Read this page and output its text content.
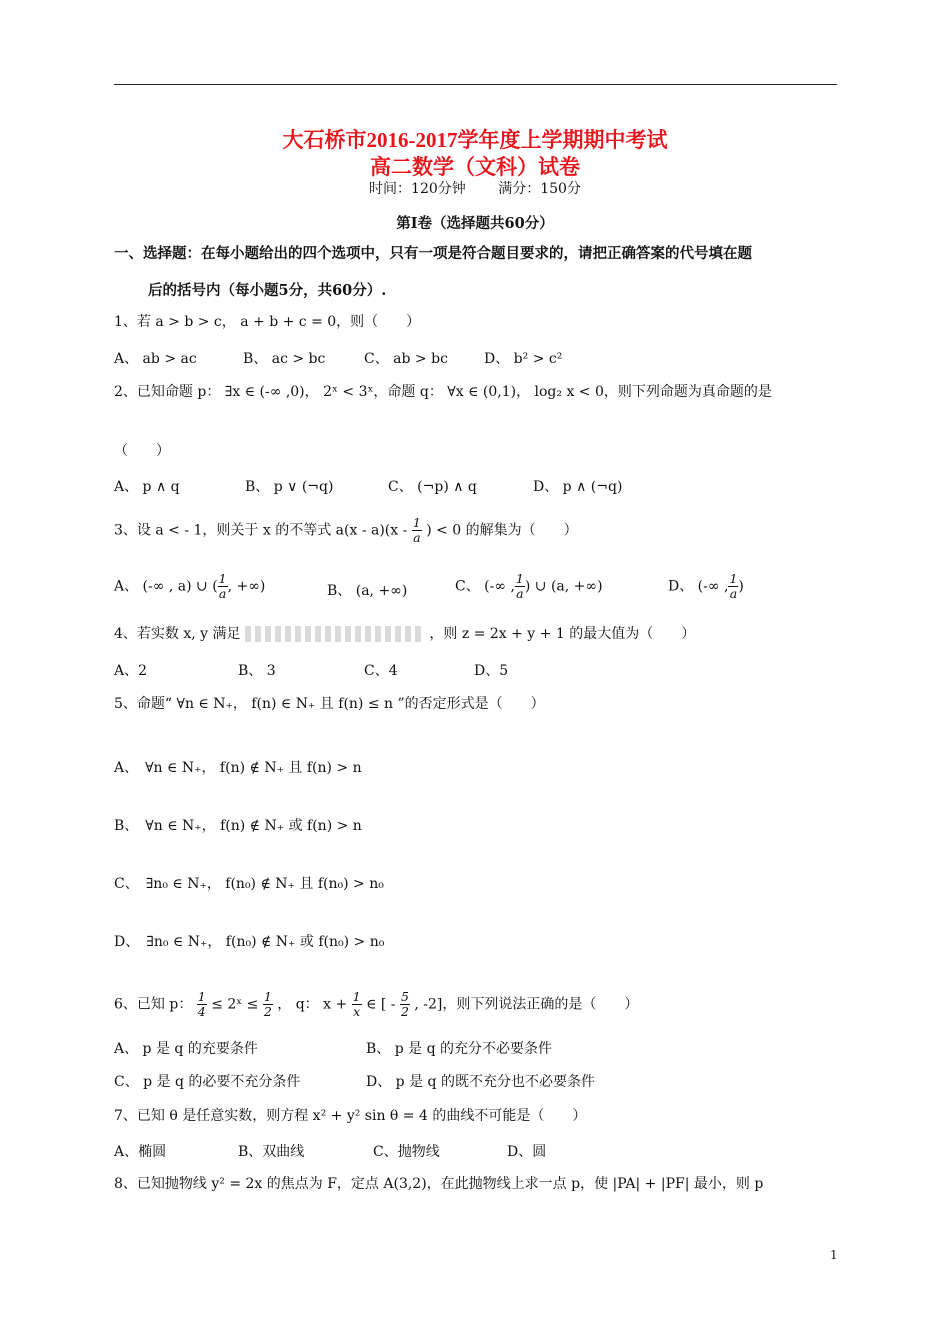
大石桥市2016-2017学年度上学期期中考试
高二数学（文科）试卷
时间：120分钟 满分：150分
第Ⅰ卷（选择题共60分）
一、选择题：在每小题给出的四个选项中，只有一项是符合题目要求的，请把正确答案的代号填在题
后的括号内（每小题5分，共60分）.
1、若 a > b > c， a + b + c = 0，则（　　）
A、 ab > ac	B、 ac > bc	C、 ab > bc	D、 b² > c²
2、已知命题 p： ∃x ∈ (-∞ ,0)， 2ˣ < 3ˣ，命题 q： ∀x ∈ (0,1)， log₂ x < 0，则下列命题为真命题的是
（　　）
A、 p ∧ q	B、 p ∨ (¬q)	C、 (¬p) ∧ q	D、 p ∧ (¬q)
3、设 a < - 1，则关于 x 的不等式 $a(x - a)(x - \frac{1}{a}$ ) < 0 的解集为（　　）
A、 (-∞ , a) ∪ ( $\frac{1}{a}$ , +∞)	B、 (a, +∞)	C、 (-∞ , $\frac{1}{a}$ ) ∪ (a, +∞)	D、 (-∞ , $\frac{1}{a}$ )
4、若实数 x, y 满足	，则 z = 2x + y + 1 的最大值为（　　）
A、2	B、 3	C、4	D、5
5、命题“ ∀n ∈ N₊， f(n) ∈ N₊ 且 f(n) ≤ n ”的否定形式是（　　）
A、　∀n ∈ N₊， f(n) ∉ N₊ 且 f(n) > n
B、　∀n ∈ N₊， f(n) ∉ N₊ 或 f(n) > n
C、　∃n₀ ∈ N₊， f(n₀) ∉ N₊ 且 f(n₀) > n₀
D、　∃n₀ ∈ N₊， f(n₀) ∉ N₊ 或 f(n₀) > n₀
6、已知 p： $\frac{1}{4}$ ≤ 2ˣ ≤ $\frac{1}{2}$ ， q： $x + \frac{1}{x}$ ∈ [ - $\frac{5}{2}$ , -2]，则下列说法正确的是（　　）
A、 p 是 q 的充要条件	B、 p 是 q 的充分不必要条件
C、 p 是 q 的必要不充分条件	D、 p 是 q 的既不充分也不必要条件
7、已知 θ 是任意实数，则方程 x² + y² sin θ = 4 的曲线不可能是（　　）
A、椭圆	B、双曲线	C、抛物线	D、圆
8、已知抛物线 y² = 2x 的焦点为 F，定点 A(3,2)，在此抛物线上求一点 p，使 |PA| + |PF| 最小，则 p
1
